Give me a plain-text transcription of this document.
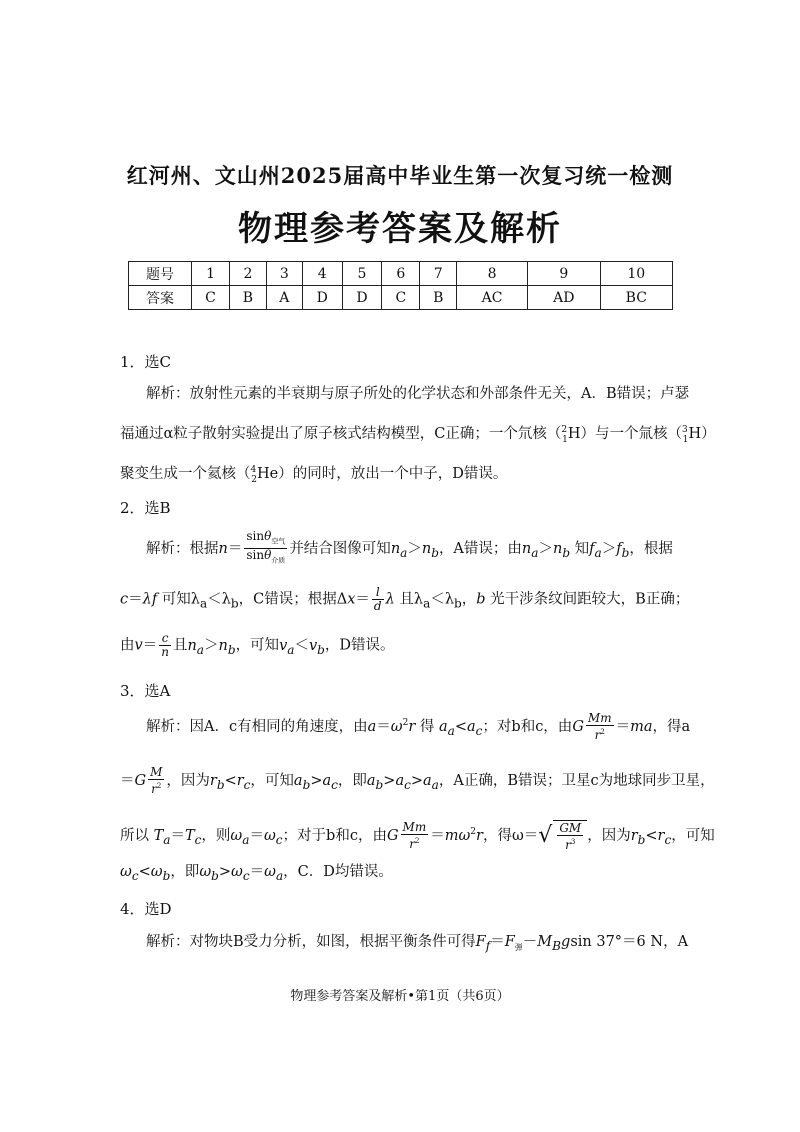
红河州、文山州2025届高中毕业生第一次复习统一检测
物理参考答案及解析
题号	1	2	3	4	5	6	7	8	9	10
答案	C	B	A	D	D	C	B	AC	AD	BC
1．选C
解析：放射性元素的半衰期与原子所处的化学状态和外部条件无关，A．B错误；卢瑟
福通过α粒子散射实验提出了原子核式结构模型，C正确；一个氘核（$^2_1$H）与一个氚核（$^3_1$H）
聚变生成一个氦核（$^4_2$He）的同时，放出一个中子，D错误。
2．选B
解析：根据$n= \frac{\sin\theta_{空气}}{\sin\theta_{介质}}$ 并结合图像可知$n_a>n_b$，A错误；由$n_a>n_b$ 知$f_a>f_b$，根据
c＝λf 可知$\lambda_a<\lambda_b$，C错误；根据$\Delta x= \frac{l}{d}$ λ 且$\lambda_a<\lambda_b$，b 光干涉条纹间距较大，B正确；
由$v= \frac{c}{n}$ 且$n_a>n_b$，可知$v_a<v_b$，D错误。
3．选A
解析：因A．c有相同的角速度，由$a=\omega^2r$ 得 $a_a<a_c$；对b和c，由G $\frac{Mm}{r^2} =ma$，得a
$=G \frac{M}{r^2}$ ，因为$r_b<r_c$，可知$a_b>a_c$，即$a_b>a_c>a_a$，A正确，B错误；卫星c为地球同步卫星，
所以 $T_a=T_c$，则$\omega_a=\omega_c$；对于b和c，由G $\frac{Mm}{r^2} =m\omega^2r$，得$\omega=√ \frac{GM}{r^3}$ ，因为$r_b<r_c$，可知
$\omega_c<\omega_b$，即$\omega_b>\omega_c=\omega_a$，C．D均错误。
4．选D
解析：对物块B受力分析，如图，根据平衡条件可得$F_f=F_弹-M_Bgsin$ 37°＝6 N，A
物理参考答案及解析•第1页（共6页）
